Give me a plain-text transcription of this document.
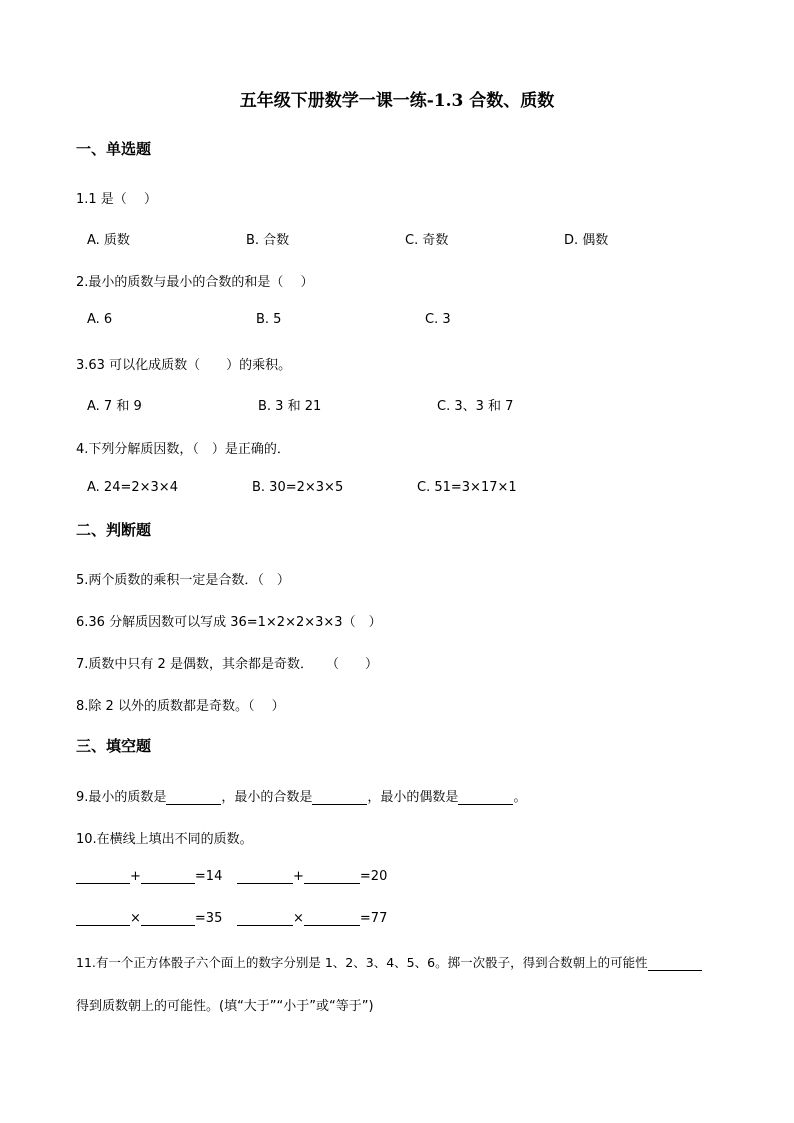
五年级下册数学一课一练-1.3 合数、质数
一、单选题
1.1 是（　 ）
A. 质数	B. 合数	C. 奇数	D. 偶数
2.最小的质数与最小的合数的和是（　 ）
A. 6	B. 5	C. 3
3.63 可以化成质数（　　）的乘积。
A. 7 和 9	B. 3 和 21	C. 3、3 和 7
4.下列分解质因数，（　）是正确的．
A. 24=2×3×4	B. 30=2×3×5	C. 51=3×17×1
二、判断题
5.两个质数的乘积一定是合数．（　）
6.36 分解质因数可以写成 36=1×2×2×3×3（　）
7.质数中只有 2 是偶数，其余都是奇数．　　（　　）
8.除 2 以外的质数都是奇数。（　 ）
三、填空题
9.最小的质数是	，最小的合数是	，最小的偶数是	。
10.在横线上填出不同的质数。
+	=14	+	=20
×	=35	×	=77
11.有一个正方体骰子六个面上的数字分别是 1、2、3、4、5、6。掷一次骰子，得到合数朝上的可能性
得到质数朝上的可能性。(填“大于”“小于”或“等于”)
